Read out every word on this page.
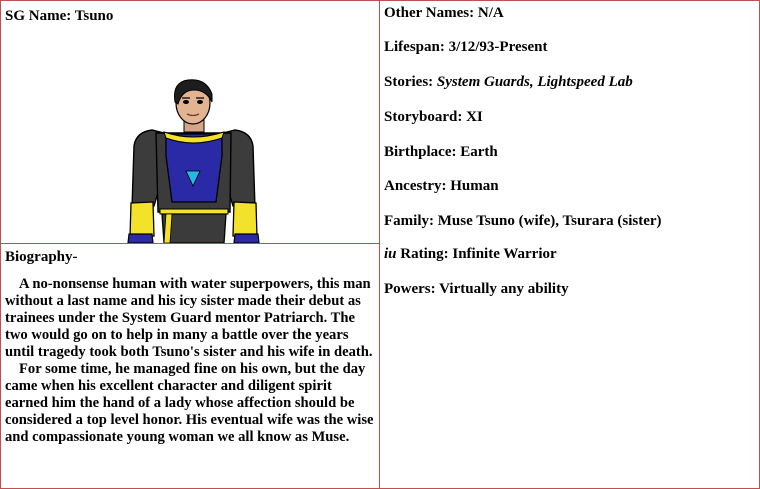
SG Name: Tsuno
Biography-

A no-nonsense human with water superpowers, this man without a last name and his icy sister made their debut as trainees under the System Guard mentor Patriarch. The two would go on to help in many a battle over the years until tragedy took both Tsuno's sister and his wife in death.

For some time, he managed fine on his own, but the day came when his excellent character and diligent spirit earned him the hand of a lady whose affection should be considered a top level honor. His eventual wife was the wise and compassionate young woman we all know as Muse.

Other Names: N/A
Lifespan: 3/12/93-Present
Stories: System Guards, Lightspeed Lab
Storyboard: XI
Birthplace: Earth
Ancestry: Human
Family: Muse Tsuno (wife), Tsurara (sister)
iu Rating: Infinite Warrior
Powers: Virtually any ability
